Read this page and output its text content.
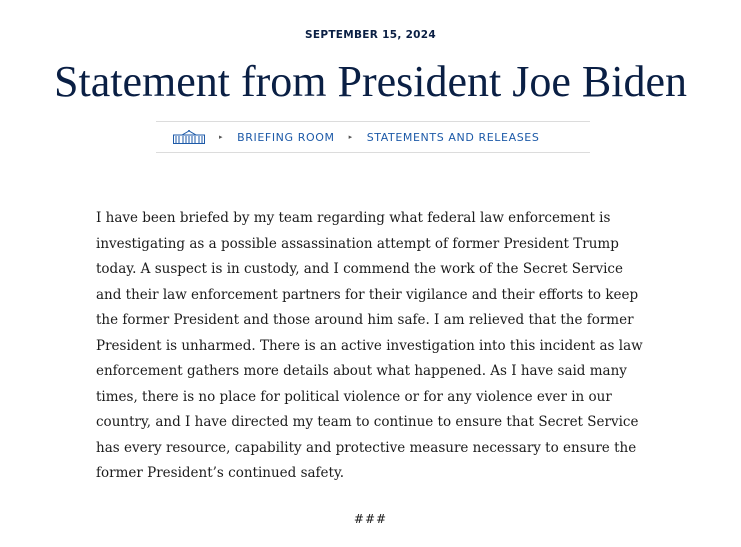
SEPTEMBER 15, 2024
Statement from President Joe Biden
▸ BRIEFING ROOM ▸ STATEMENTS AND RELEASES

I have been briefed by my team regarding what federal law enforcement is investigating as a possible assassination attempt of former President Trump today. A suspect is in custody, and I commend the work of the Secret Service and their law enforcement partners for their vigilance and their efforts to keep the former President and those around him safe. I am relieved that the former President is unharmed. There is an active investigation into this incident as law enforcement gathers more details about what happened. As I have said many times, there is no place for political violence or for any violence ever in our country, and I have directed my team to continue to ensure that Secret Service has every resource, capability and protective measure necessary to ensure the former President’s continued safety.

###
